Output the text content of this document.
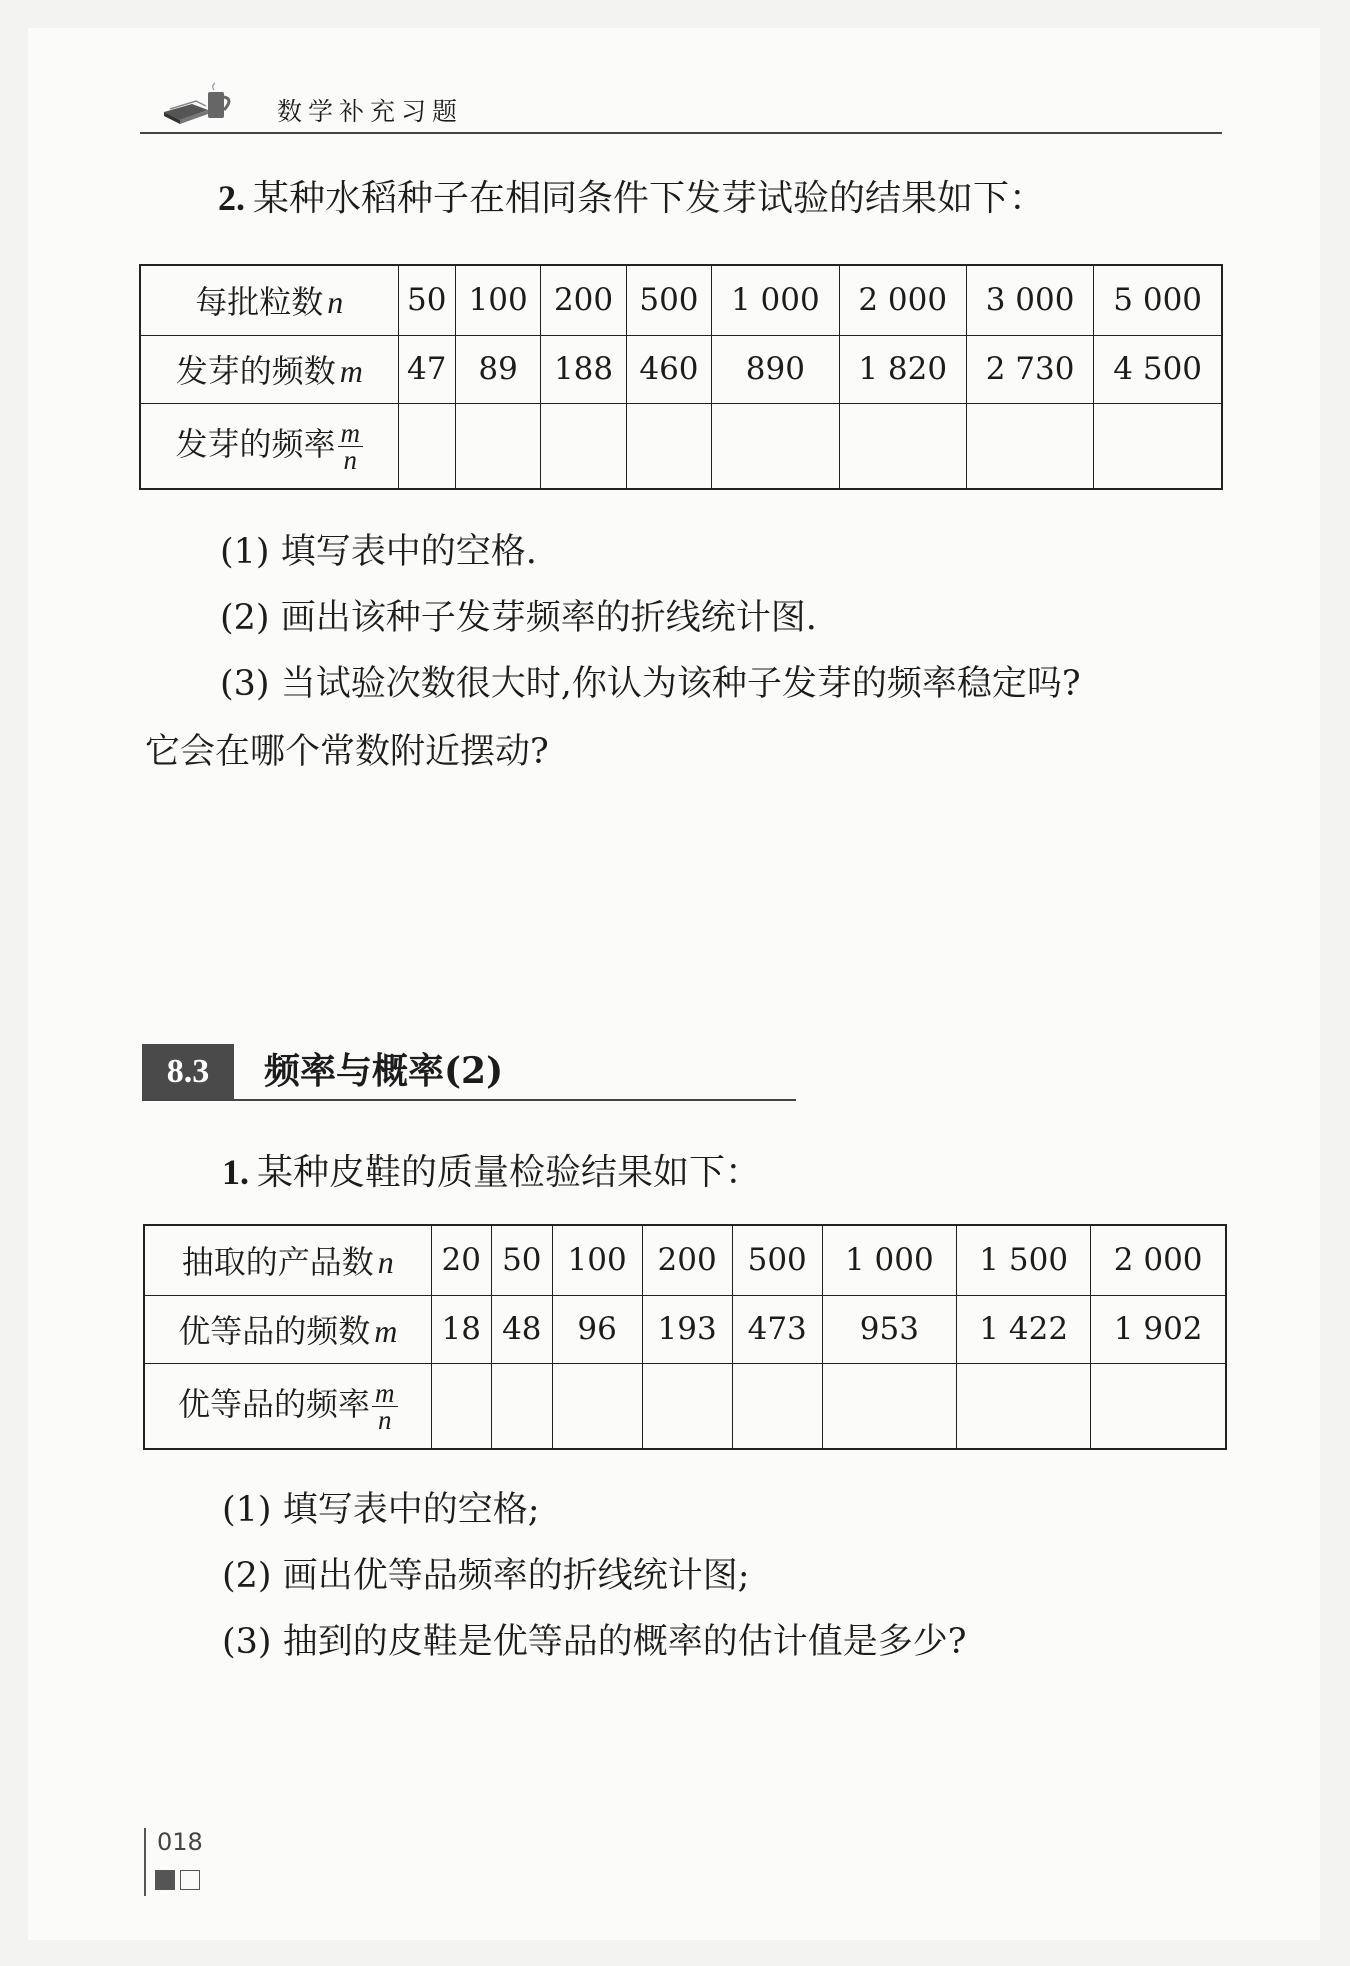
数学补充习题
2. 某种水稻种子在相同条件下发芽试验的结果如下：
每批粒数 n	50	100	200	500	1 000	2 000	3 000	5 000
发芽的频数 m	47	89	188	460	890	1 820	2 730	4 500
发芽的频率 $\frac{m}{n}$

(1) 填写表中的空格.
(2) 画出该种子发芽频率的折线统计图.
(3) 当试验次数很大时,你认为该种子发芽的频率稳定吗?
它会在哪个常数附近摆动?
8.3	频率与概率(2)
1. 某种皮鞋的质量检验结果如下：
抽取的产品数 n	20	50	100	200	500	1 000	1 500	2 000
优等品的频数 m	18	48	96	193	473	953	1 422	1 902
优等品的频率 $\frac{m}{n}$

(1) 填写表中的空格;
(2) 画出优等品频率的折线统计图;
(3) 抽到的皮鞋是优等品的概率的估计值是多少?
018
